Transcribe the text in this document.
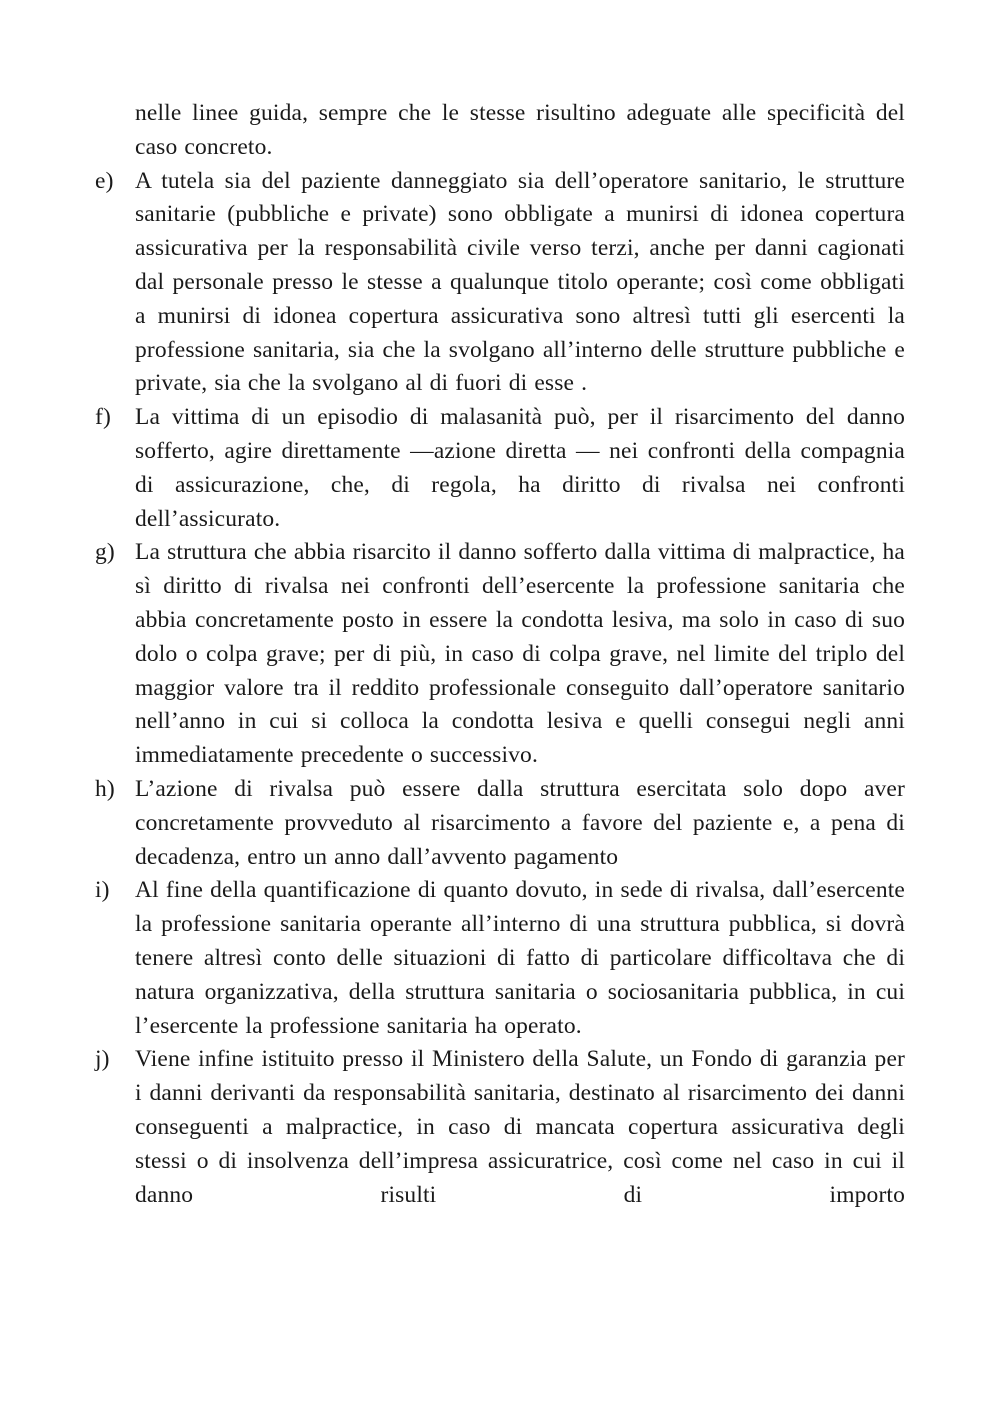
nelle linee guida, sempre che le stesse risultino adeguate alle specificità del caso concreto.

e) A tutela sia del paziente danneggiato sia dell’operatore sanitario, le strutture sanitarie (pubbliche e private) sono obbligate a munirsi di idonea copertura assicurativa per la responsabilità civile verso terzi, anche per danni cagionati dal personale presso le stesse a qualunque titolo operante; così come obbligati a munirsi di idonea copertura assicurativa sono altresì tutti gli esercenti la professione sanitaria, sia che la svolgano all’interno delle strutture pubbliche e private, sia che la svolgano al di fuori di esse .
f)	La vittima di un episodio di malasanità può, per il risarcimento del danno sofferto, agire direttamente —azione diretta — nei confronti della compagnia di assicurazione, che, di regola, ha diritto di rivalsa nei confronti dell’assicurato.
g) La struttura che abbia risarcito il danno sofferto dalla vittima di malpractice, ha sì diritto di rivalsa nei confronti dell’esercente la professione sanitaria che abbia concretamente posto in essere la condotta lesiva, ma solo in caso di suo dolo o colpa grave; per di più, in caso di colpa grave, nel limite del triplo del maggior valore tra il reddito professionale conseguito dall’operatore sanitario nell’anno in cui si colloca la condotta lesiva e quelli consegui negli anni immediatamente precedente o successivo.
h) L’azione di rivalsa può essere dalla struttura esercitata solo dopo aver concretamente provveduto al risarcimento a favore del paziente e, a pena di decadenza, entro un anno dall’avvento pagamento
i)	Al fine della quantificazione di quanto dovuto, in sede di rivalsa, dall’esercente la professione sanitaria operante all’interno di una struttura pubblica, si dovrà tenere altresì conto delle situazioni di fatto di particolare difficoltava che di natura organizzativa, della struttura sanitaria o sociosanitaria pubblica, in cui l’esercente la professione sanitaria ha operato.
j)	Viene infine istituito presso il Ministero della Salute, un Fondo di garanzia per i danni derivanti da responsabilità sanitaria, destinato al risarcimento dei danni conseguenti a malpractice, in caso di mancata copertura assicurativa degli stessi o di insolvenza dell’impresa assicuratrice, così come nel caso in cui il danno risulti di importo
